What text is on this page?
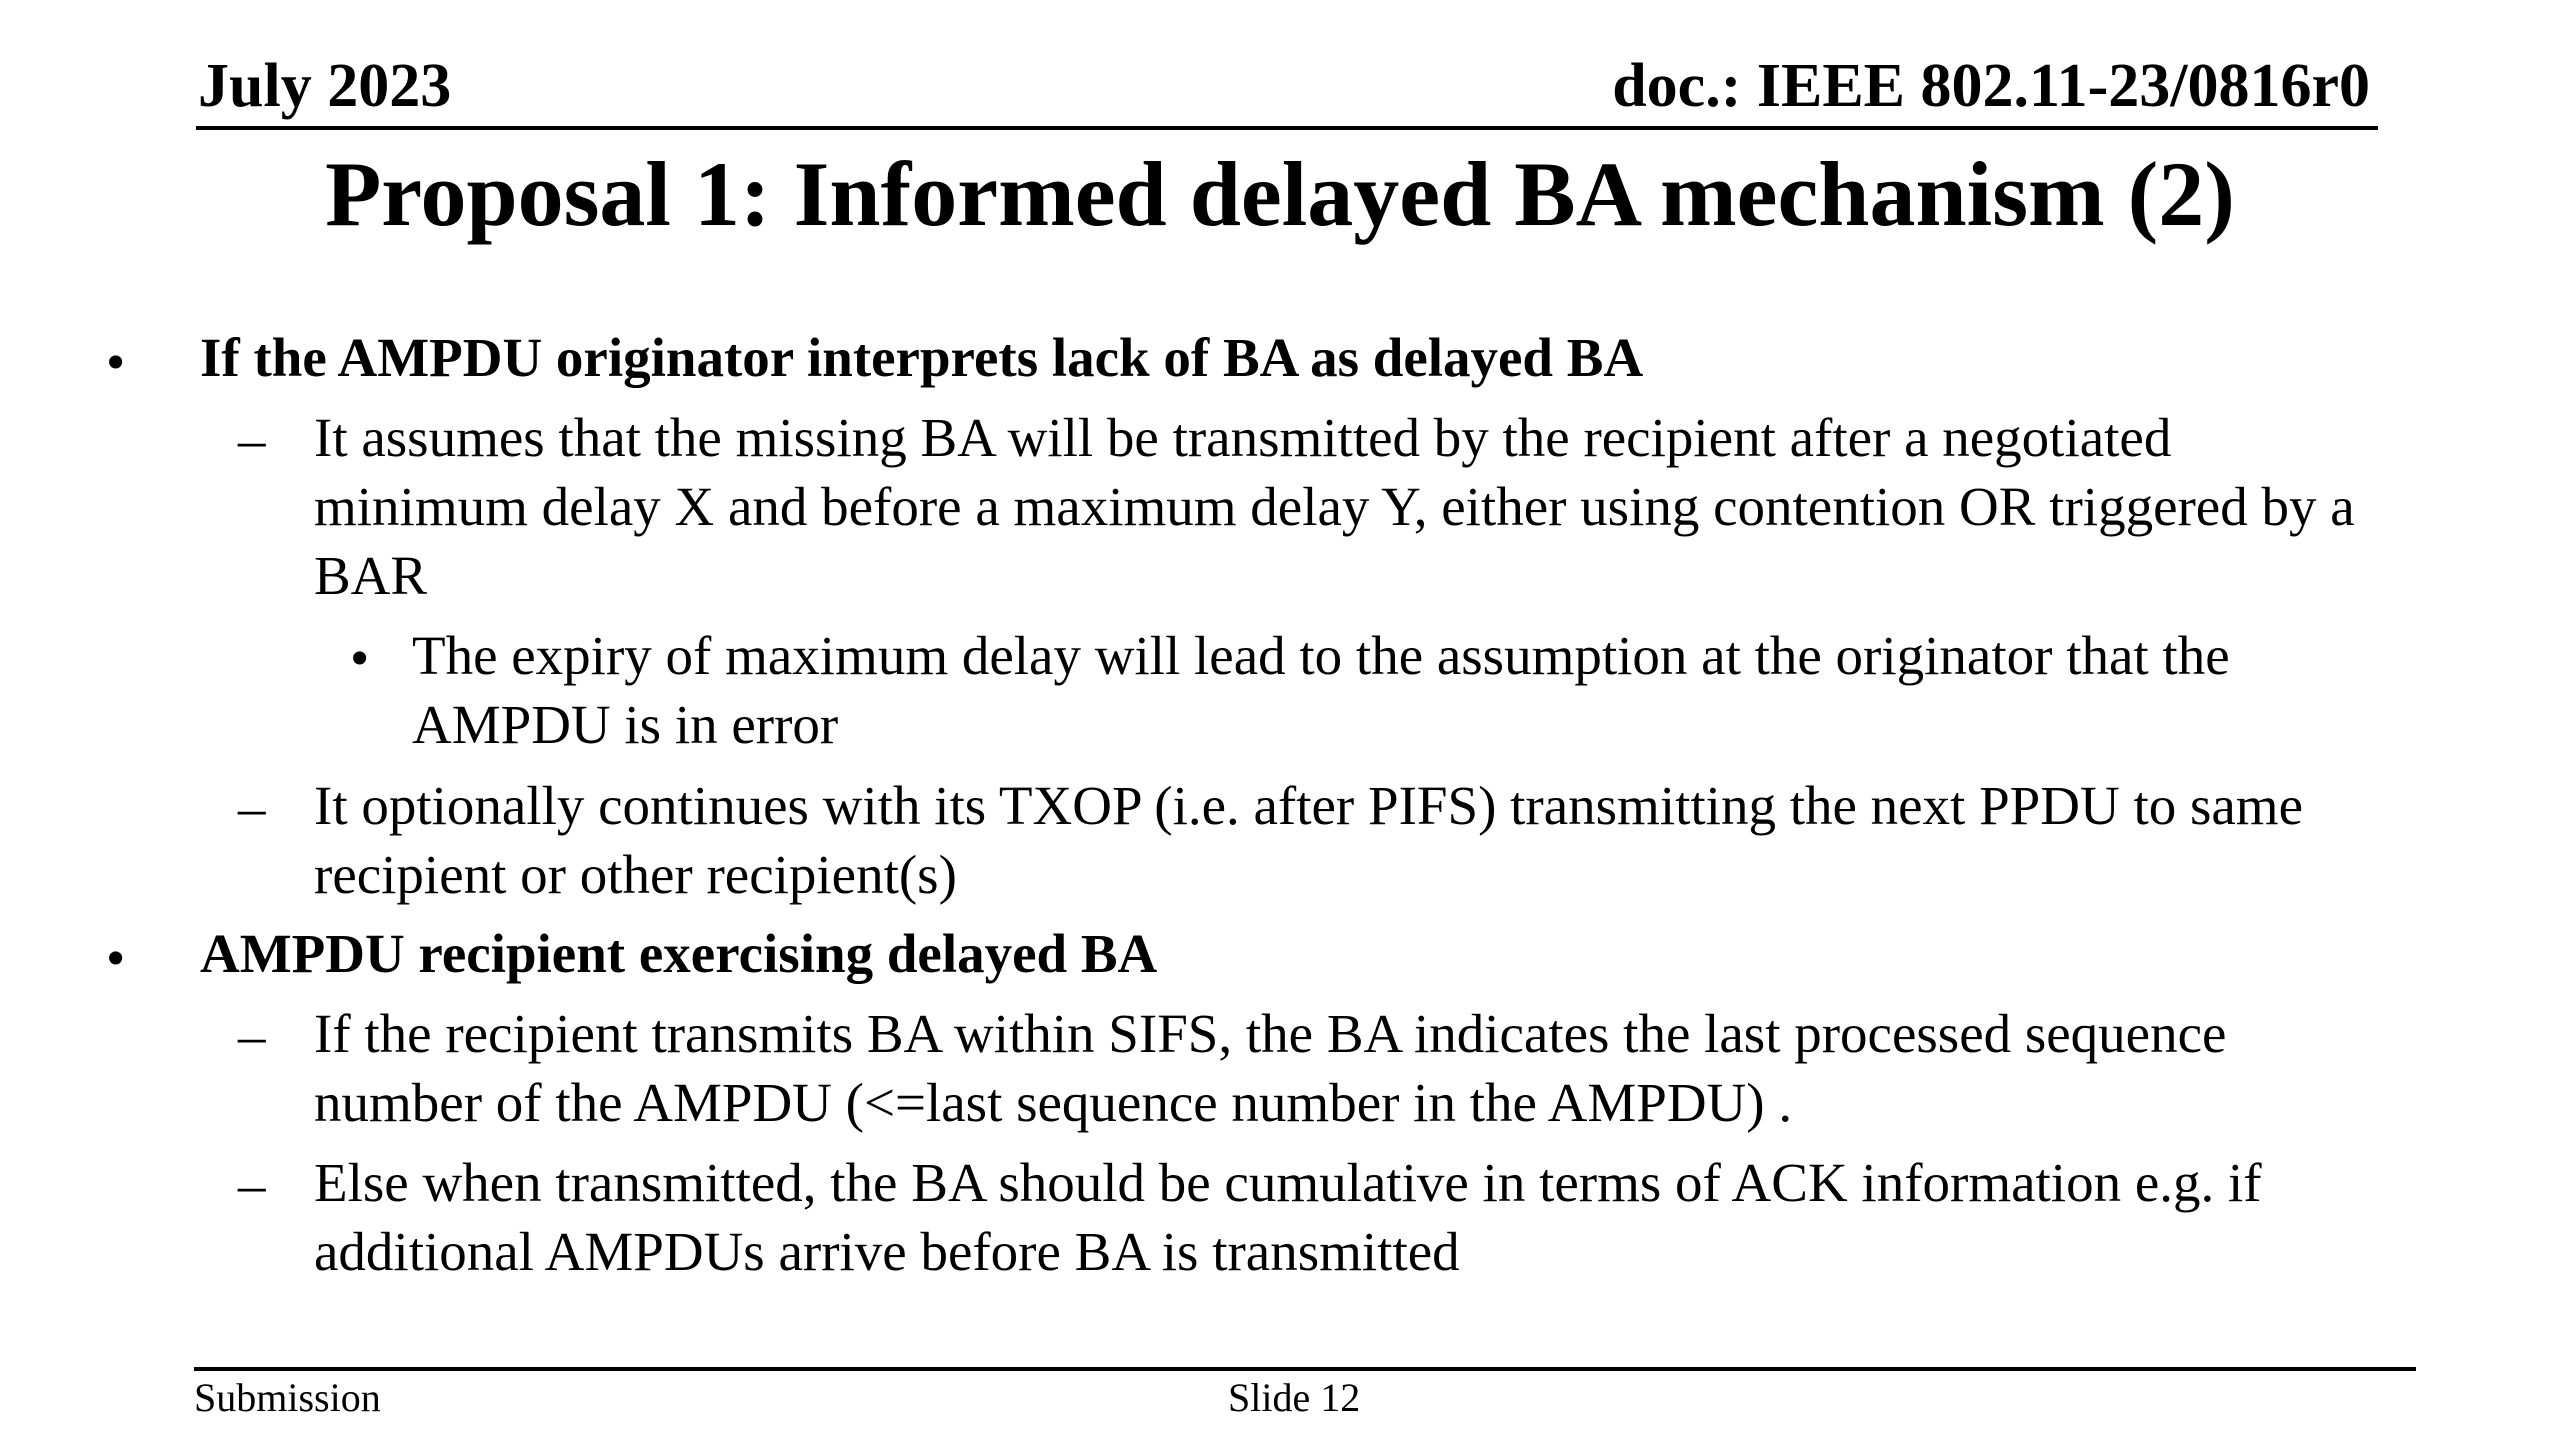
July 2023	doc.: IEEE 802.11-23/0816r0
Proposal 1: Informed delayed BA mechanism (2)
• If the AMPDU originator interprets lack of BA as delayed BA
– It assumes that the missing BA will be transmitted by the recipient after a negotiated
minimum delay X and before a maximum delay Y, either using contention OR triggered by a
BAR
• The expiry of maximum delay will lead to the assumption at the originator that the
AMPDU is in error
– It optionally continues with its TXOP (i.e. after PIFS) transmitting the next PPDU to same
recipient or other recipient(s)
• AMPDU recipient exercising delayed BA
– If the recipient transmits BA within SIFS, the BA indicates the last processed sequence
number of the AMPDU (<=last sequence number in the AMPDU) .
– Else when transmitted, the BA should be cumulative in terms of ACK information e.g. if
additional AMPDUs arrive before BA is transmitted
Submission	Slide 12
